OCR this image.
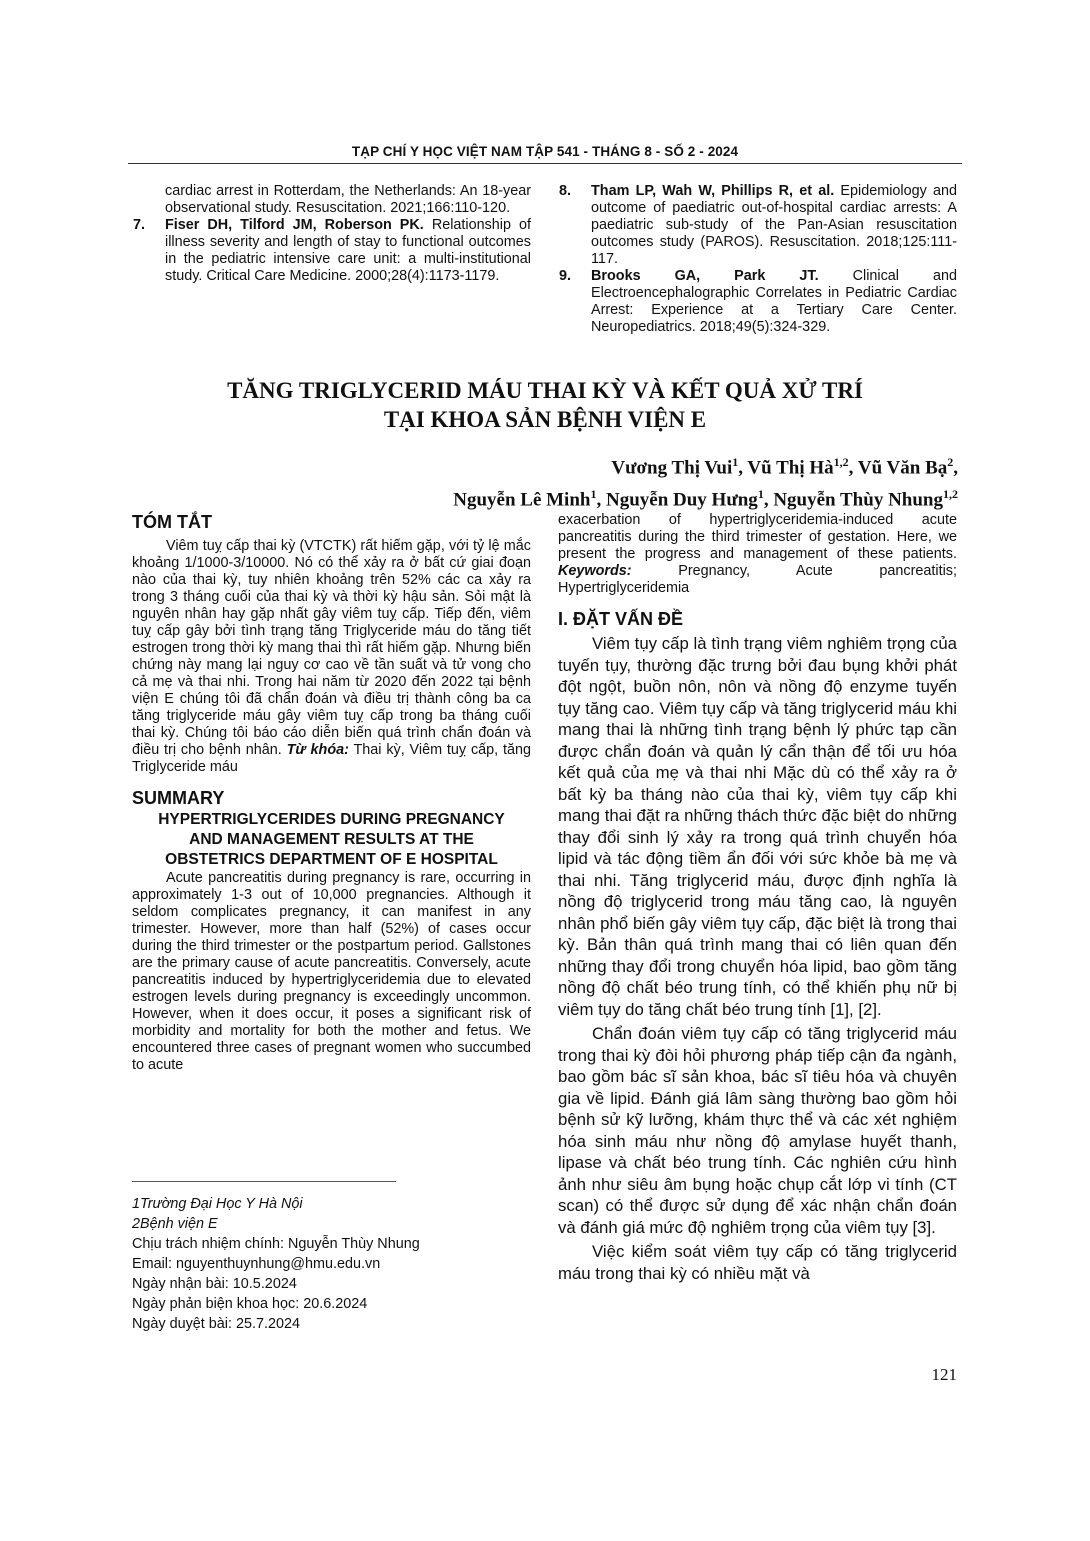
TẠP CHÍ Y HỌC VIỆT NAM TẬP 541 - THÁNG 8 - SỐ 2 - 2024
cardiac arrest in Rotterdam, the Netherlands: An 18-year observational study. Resuscitation. 2021;166:110-120.
7. Fiser DH, Tilford JM, Roberson PK. Relationship of illness severity and length of stay to functional outcomes in the pediatric intensive care unit: a multi-institutional study. Critical Care Medicine. 2000;28(4):1173-1179.
8. Tham LP, Wah W, Phillips R, et al. Epidemiology and outcome of paediatric out-of-hospital cardiac arrests: A paediatric sub-study of the Pan-Asian resuscitation outcomes study (PAROS). Resuscitation. 2018;125:111-117.
9. Brooks GA, Park JT. Clinical and Electroencephalographic Correlates in Pediatric Cardiac Arrest: Experience at a Tertiary Care Center. Neuropediatrics. 2018;49(5):324-329.
TĂNG TRIGLYCERID MÁU THAI KỲ VÀ KẾT QUẢ XỬ TRÍ
TẠI KHOA SẢN BỆNH VIỆN E
Vương Thị Vui$^1$, Vũ Thị Hà$^{1,2}$, Vũ Văn Bạ$^2$,
Nguyễn Lê Minh$^1$, Nguyễn Duy Hưng$^1$, Nguyễn Thùy Nhung$^{1,2}$
TÓM TẮT
Viêm tuỵ cấp thai kỳ (VTCTK) rất hiếm gặp, với tỷ lệ mắc khoảng 1/1000-3/10000. Nó có thể xảy ra ở bất cứ giai đoạn nào của thai kỳ, tuy nhiên khoảng trên 52% các ca xảy ra trong 3 tháng cuối của thai kỳ và thời kỳ hậu sản. Sỏi mật là nguyên nhân hay gặp nhất gây viêm tuỵ cấp. Tiếp đến, viêm tuỵ cấp gây bởi tình trạng tăng Triglyceride máu do tăng tiết estrogen trong thời kỳ mang thai thì rất hiếm gặp. Nhưng biến chứng này mang lại nguy cơ cao về tần suất và tử vong cho cả mẹ và thai nhi. Trong hai năm từ 2020 đến 2022 tại bệnh viện E chúng tôi đã chẩn đoán và điều trị thành công ba ca tăng triglyceride máu gây viêm tuỵ cấp trong ba tháng cuối thai kỳ. Chúng tôi báo cáo diễn biến quá trình chẩn đoán và điều trị cho bệnh nhân. Từ khóa: Thai kỳ, Viêm tuỵ cấp, tăng Triglyceride máu
SUMMARY
HYPERTRIGLYCERIDES DURING PREGNANCY AND MANAGEMENT RESULTS AT THE OBSTETRICS DEPARTMENT OF E HOSPITAL
Acute pancreatitis during pregnancy is rare, occurring in approximately 1-3 out of 10,000 pregnancies. Although it seldom complicates pregnancy, it can manifest in any trimester. However, more than half (52%) of cases occur during the third trimester or the postpartum period. Gallstones are the primary cause of acute pancreatitis. Conversely, acute pancreatitis induced by hypertriglyceridemia due to elevated estrogen levels during pregnancy is exceedingly uncommon. However, when it does occur, it poses a significant risk of morbidity and mortality for both the mother and fetus. We encountered three cases of pregnant women who succumbed to acute
1Trường Đại Học Y Hà Nội
2Bệnh viện E
Chịu trách nhiệm chính: Nguyễn Thùy Nhung
Email: nguyenthuynhung@hmu.edu.vn
Ngày nhận bài: 10.5.2024
Ngày phản biện khoa học: 20.6.2024
Ngày duyệt bài: 25.7.2024
exacerbation of hypertriglyceridemia-induced acute pancreatitis during the third trimester of gestation. Here, we present the progress and management of these patients. Keywords: Pregnancy, Acute pancreatitis; Hypertriglyceridemia
I. ĐẶT VẤN ĐỀ

Viêm tụy cấp là tình trạng viêm nghiêm trọng của tuyến tụy, thường đặc trưng bởi đau bụng khởi phát đột ngột, buồn nôn, nôn và nồng độ enzyme tuyến tụy tăng cao. Viêm tụy cấp và tăng triglycerid máu khi mang thai là những tình trạng bệnh lý phức tạp cần được chẩn đoán và quản lý cẩn thận để tối ưu hóa kết quả của mẹ và thai nhi Mặc dù có thể xảy ra ở bất kỳ ba tháng nào của thai kỳ, viêm tụy cấp khi mang thai đặt ra những thách thức đặc biệt do những thay đổi sinh lý xảy ra trong quá trình chuyển hóa lipid và tác động tiềm ẩn đối với sức khỏe bà mẹ và thai nhi. Tăng triglycerid máu, được định nghĩa là nồng độ triglycerid trong máu tăng cao, là nguyên nhân phổ biến gây viêm tụy cấp, đặc biệt là trong thai kỳ. Bản thân quá trình mang thai có liên quan đến những thay đổi trong chuyển hóa lipid, bao gồm tăng nồng độ chất béo trung tính, có thể khiến phụ nữ bị viêm tụy do tăng chất béo trung tính [1], [2].

Chẩn đoán viêm tụy cấp có tăng triglycerid máu trong thai kỳ đòi hỏi phương pháp tiếp cận đa ngành, bao gồm bác sĩ sản khoa, bác sĩ tiêu hóa và chuyên gia về lipid. Đánh giá lâm sàng thường bao gồm hỏi bệnh sử kỹ lưỡng, khám thực thể và các xét nghiệm hóa sinh máu như nồng độ amylase huyết thanh, lipase và chất béo trung tính. Các nghiên cứu hình ảnh như siêu âm bụng hoặc chụp cắt lớp vi tính (CT scan) có thể được sử dụng để xác nhận chẩn đoán và đánh giá mức độ nghiêm trọng của viêm tụy [3].

Việc kiểm soát viêm tụy cấp có tăng triglycerid máu trong thai kỳ có nhiều mặt và

121
